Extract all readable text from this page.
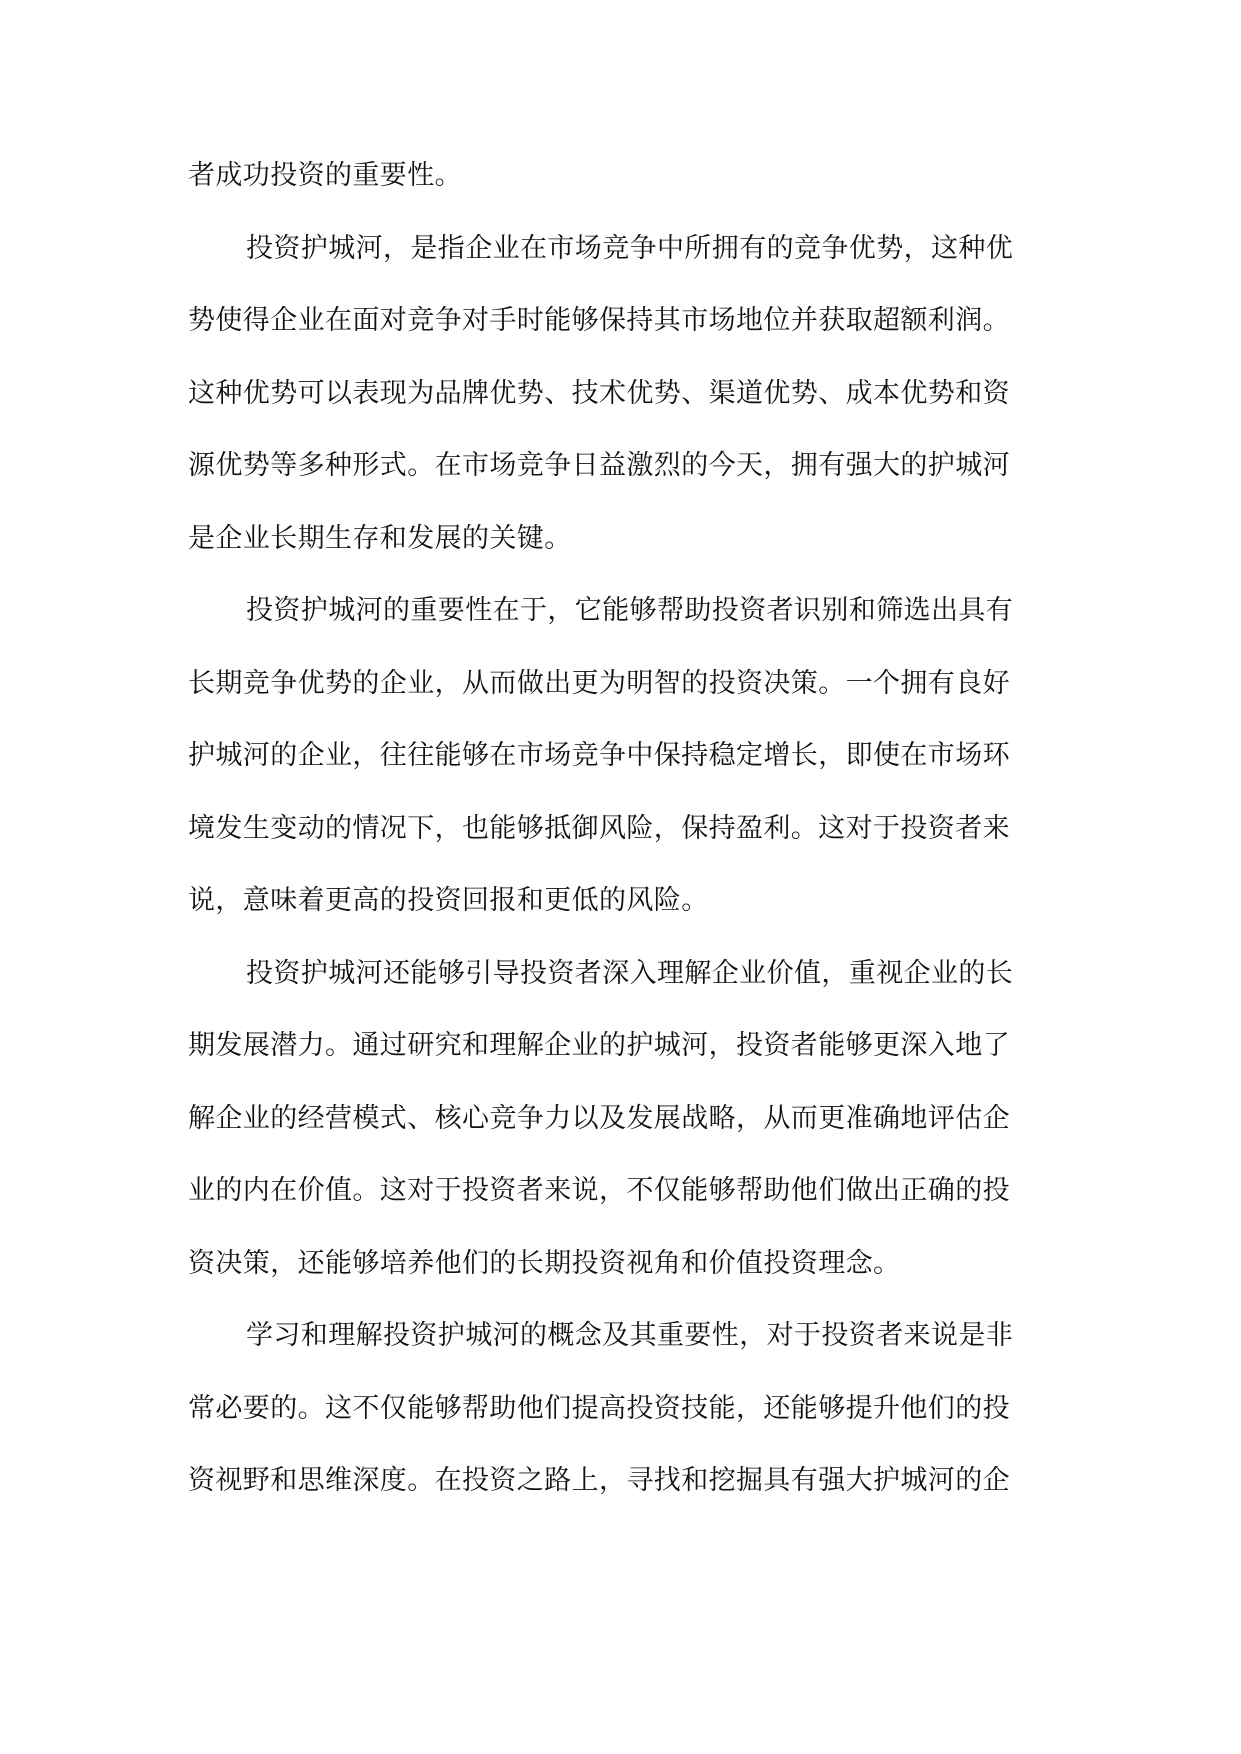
者成功投资的重要性。
投资护城河，是指企业在市场竞争中所拥有的竞争优势，这种优
势使得企业在面对竞争对手时能够保持其市场地位并获取超额利润。
这种优势可以表现为品牌优势、技术优势、渠道优势、成本优势和资
源优势等多种形式。在市场竞争日益激烈的今天，拥有强大的护城河
是企业长期生存和发展的关键。
投资护城河的重要性在于，它能够帮助投资者识别和筛选出具有
长期竞争优势的企业，从而做出更为明智的投资决策。一个拥有良好
护城河的企业，往往能够在市场竞争中保持稳定增长，即使在市场环
境发生变动的情况下，也能够抵御风险，保持盈利。这对于投资者来
说，意味着更高的投资回报和更低的风险。
投资护城河还能够引导投资者深入理解企业价值，重视企业的长
期发展潜力。通过研究和理解企业的护城河，投资者能够更深入地了
解企业的经营模式、核心竞争力以及发展战略，从而更准确地评估企
业的内在价值。这对于投资者来说，不仅能够帮助他们做出正确的投
资决策，还能够培养他们的长期投资视角和价值投资理念。
学习和理解投资护城河的概念及其重要性，对于投资者来说是非
常必要的。这不仅能够帮助他们提高投资技能，还能够提升他们的投
资视野和思维深度。在投资之路上，寻找和挖掘具有强大护城河的企
